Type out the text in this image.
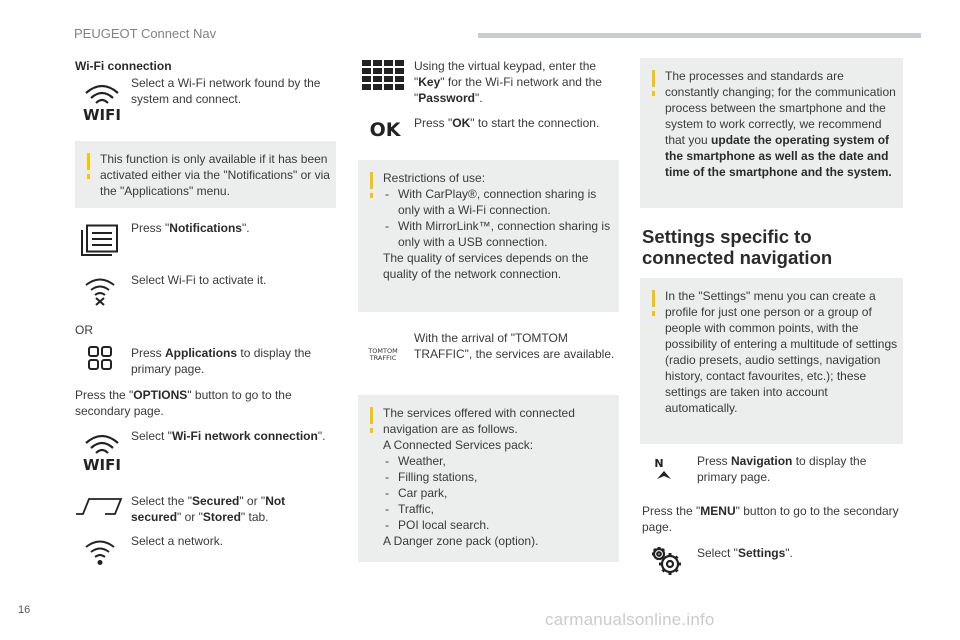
PEUGEOT Connect Nav
Wi-Fi connection
WIFI
Select a Wi-Fi network found by the system and connect.
This function is only available if it has been activated either via the "Notifications" or via the "Applications" menu.
Press "Notifications".
Select Wi-Fi to activate it.
OR
Press Applications to display the primary page.
Press the "OPTIONS" button to go to the secondary page.
WIFI
Select "Wi-Fi network connection".
Select the "Secured" or "Not secured" or "Stored" tab.
Select a network.
Using the virtual keypad, enter the "Key" for the Wi-Fi network and the "Password".
OK Press "OK" to start the connection.
Restrictions of use:
- With CarPlay®, connection sharing is only with a Wi-Fi connection.
- With MirrorLink™, connection sharing is only with a USB connection.
The quality of services depends on the quality of the network connection.
TOMTOM
TRAFFIC
With the arrival of "TOMTOM TRAFFIC", the services are available.
The services offered with connected navigation are as follows.
A Connected Services pack:
- Weather,
- Filling stations,
- Car park,
- Traffic,
- POI local search.
A Danger zone pack (option).
The processes and standards are constantly changing; for the communication process between the smartphone and the system to work correctly, we recommend that you update the operating system of the smartphone as well as the date and time of the smartphone and the system.
Settings specific to connected navigation
In the "Settings" menu you can create a profile for just one person or a group of people with common points, with the possibility of entering a multitude of settings (radio presets, audio settings, navigation history, contact favourites, etc.); these settings are taken into account automatically.
N	Press Navigation to display the primary page.
Press the "MENU" button to go to the secondary page.
Select "Settings".
16	carmanualsonline.info
